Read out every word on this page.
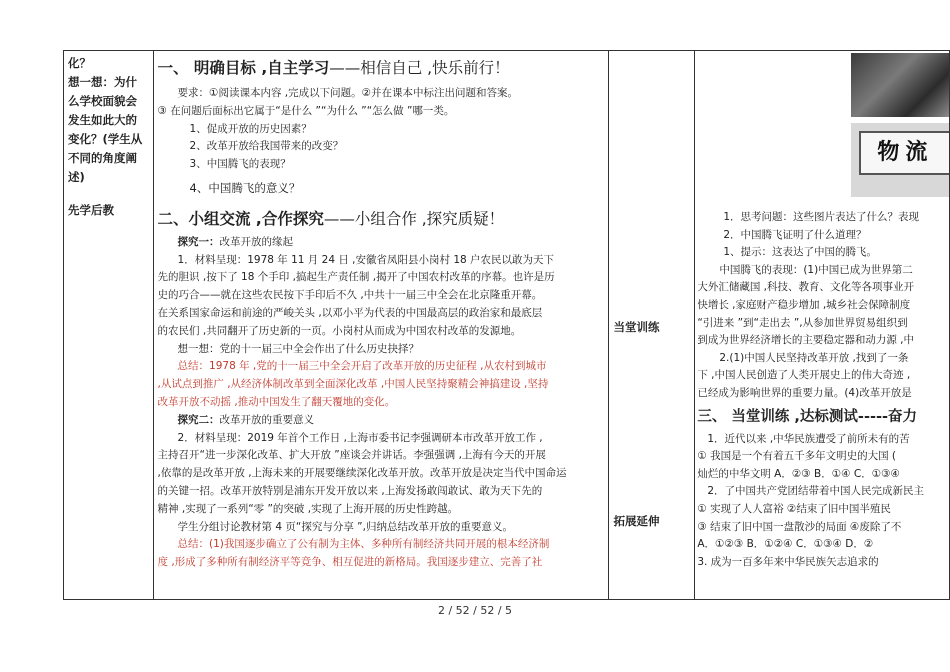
化？

想一想：为什

么学校面貌会

发生如此大的

变化？(学生从

不同的角度阐

述)

先学后教

一、 明确目标 ,自主学习——相信自己 ,快乐前行！

要求：①阅读课本内容 ,完成以下问题。②并在课本中标注出问题和答案。

③ 在问题后面标出它属于“是什么 ”“为什么 ”“怎么做 ”哪一类。

1、促成开放的历史因素？

2、改革开放给我国带来的改变？

3、中国腾飞的表现？

4、中国腾飞的意义？

二、小组交流 ,合作探究——小组合作 ,探究质疑！

探究一：改革开放的缘起

1．材料呈现：1978 年 11 月 24 日 ,安徽省凤阳县小岗村 18 户农民以敢为天下

先的胆识 ,按下了 18 个手印 ,搞起生产责任制 ,揭开了中国农村改革的序幕。也许是历

史的巧合——就在这些农民按下手印后不久 ,中共十一届三中全会在北京隆重开幕。

在关系国家命运和前途的严峻关头 ,以邓小平为代表的中国最高层的政治家和最底层

的农民们 ,共同翻开了历史新的一页。小岗村从而成为中国农村改革的发源地。

想一想：党的十一届三中全会作出了什么历史抉择？

总结：1978 年 ,党的十一届三中全会开启了改革开放的历史征程 ,从农村到城市

,从试点到推广 ,从经济体制改革到全面深化改革 ,中国人民坚持聚精会神搞建设 ,坚持

改革开放不动摇 ,推动中国发生了翻天覆地的变化。

探究二：改革开放的重要意义

2．材料呈现：2019 年首个工作日 ,上海市委书记李强调研本市改革开放工作 ,

主持召开“进一步深化改革、扩大开放 ”座谈会并讲话。李强强调 ,上海有今天的开展

,依靠的是改革开放 ,上海未来的开展要继续深化改革开放。改革开放是决定当代中国命运

的关键一招。改革开放特别是浦东开发开放以来 ,上海发扬敢闯敢试、敢为天下先的

精神 ,实现了一系列“零 ”的突破 ,实现了上海开展的历史性跨越。

学生分组讨论教材第 4 页“探究与分享 ”,归纳总结改革开放的重要意义。

总结：(1)我国逐步确立了公有制为主体、多种所有制经济共同开展的根本经济制

度 ,形成了多种所有制经济平等竞争、相互促进的新格局。我国逐步建立、完善了社

当堂训练
拓展延伸

物流

1．思考问题：这些图片表达了什么？表现

2．中国腾飞证明了什么道理？

1、提示：这表达了中国的腾飞。

中国腾飞的表现：(1)中国已成为世界第二

大外汇储藏国 ,科技、教育、文化等各项事业开

快增长 ,家庭财产稳步增加 ,城乡社会保障制度

“引进来 ”到“走出去 ”,从参加世界贸易组织到

到成为世界经济增长的主要稳定器和动力源 ,中

2.(1)中国人民坚持改革开放 ,找到了一条

下 ,中国人民创造了人类开展史上的伟大奇迹 ,

已经成为影响世界的重要力量。(4)改革开放是

三、 当堂训练 ,达标测试-----奋力

1．近代以来 ,中华民族遭受了前所未有的苦

① 我国是一个有着五千多年文明史的大国 (

灿烂的中华文明 A．②③ B．①④ C．①③④

2．了中国共产党团结带着中国人民完成新民主

① 实现了人人富裕 ②结束了旧中国半殖民

③ 结束了旧中国一盘散沙的局面 ④废除了不

A．①②③ B．①②④ C．①③④ D．②

3. 成为一百多年来中华民族矢志追求的

2 / 52 / 52 / 5
